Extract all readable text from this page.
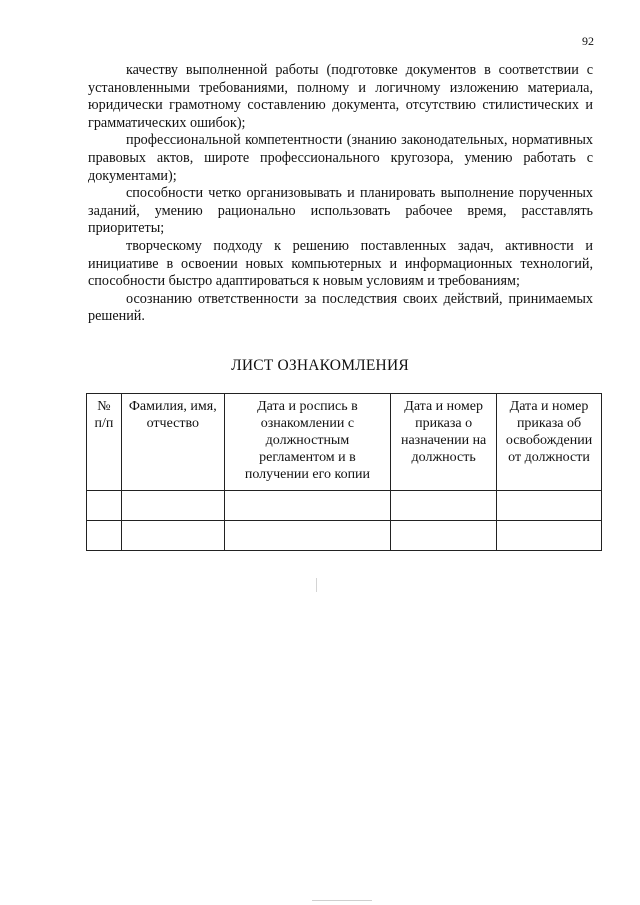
92

качеству выполненной работы (подготовке документов в соответствии с установленными требованиями, полному и логичному изложению материала, юридически грамотному составлению документа, отсутствию стилистических и грамматических ошибок);

профессиональной компетентности (знанию законодательных, нормативных правовых актов, широте профессионального кругозора, умению работать с документами);

способности четко организовывать и планировать выполнение порученных заданий, умению рационально использовать рабочее время, расставлять приоритеты;

творческому подходу к решению поставленных задач, активности и инициативе в освоении новых компьютерных и информационных технологий, способности быстро адаптироваться к новым условиям и требованиям;

осознанию ответственности за последствия своих действий, принимаемых решений.

ЛИСТ ОЗНАКОМЛЕНИЯ
№ п/п	Фамилия, имя, отчество	Дата и роспись в ознакомлении с должностным регламентом и в получении его копии	Дата и номер приказа о назначении на должность	Дата и номер приказа об освобождении от должности
